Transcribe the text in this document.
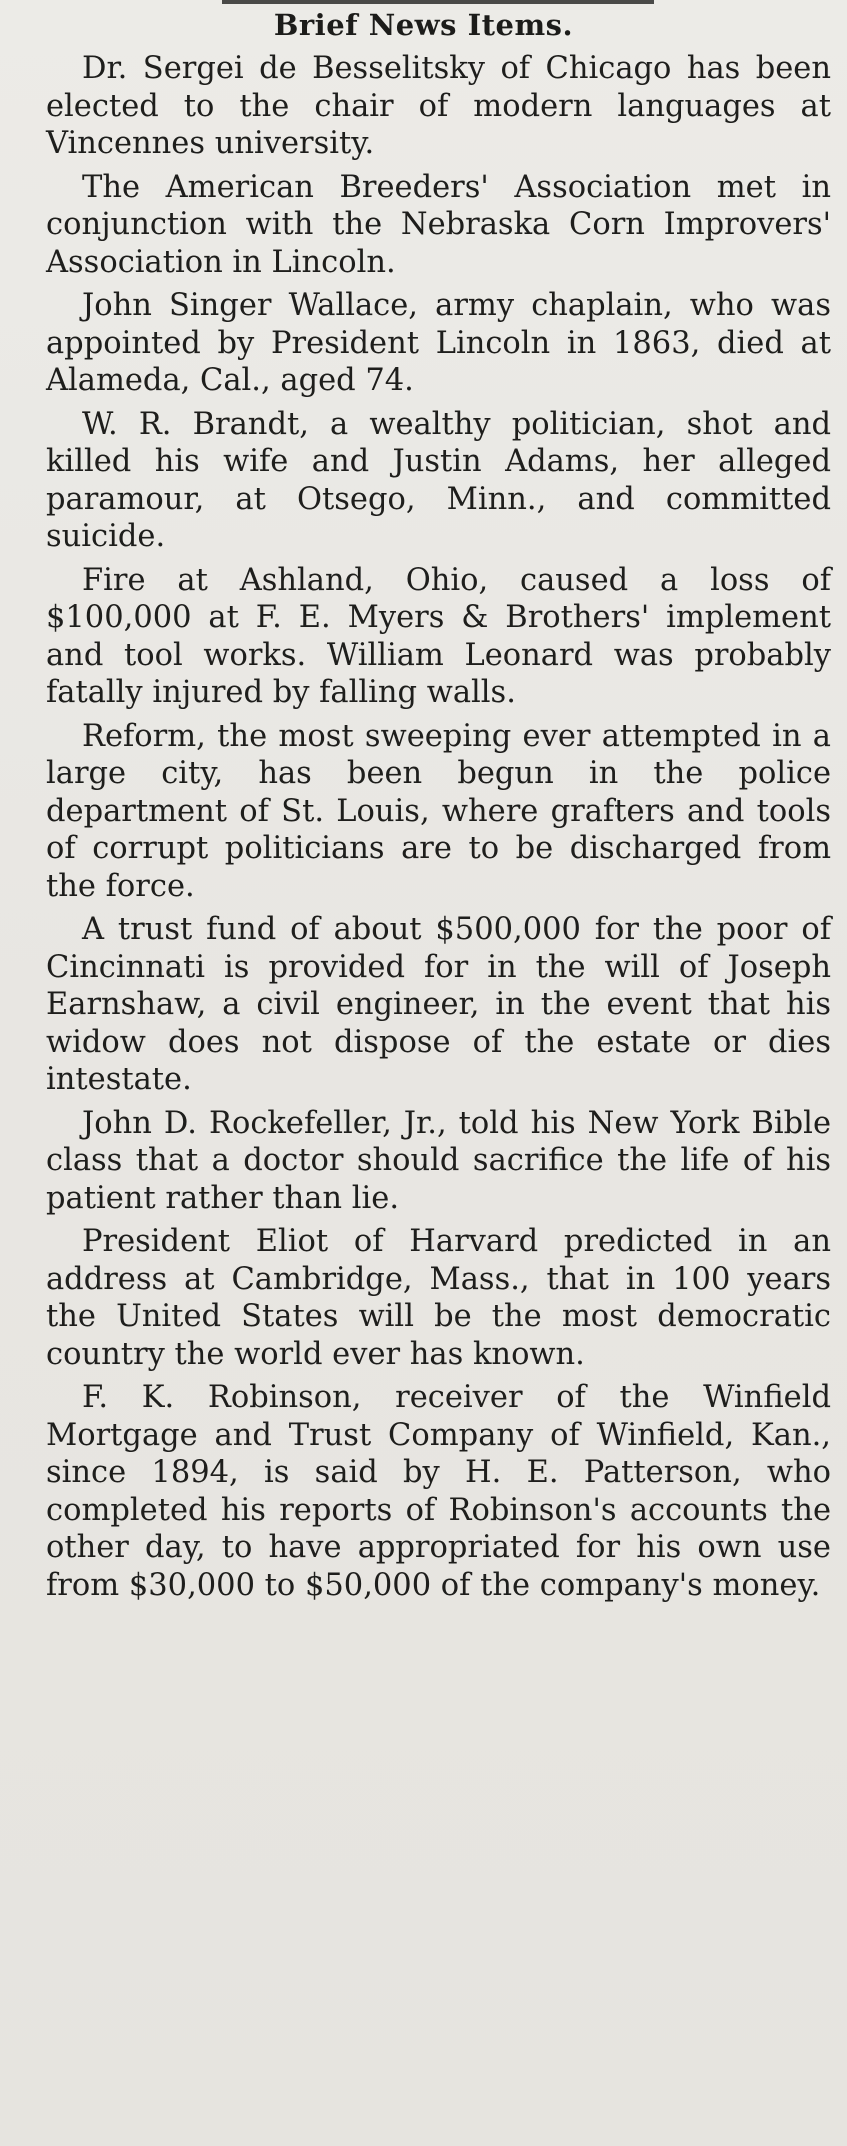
Brief News Items.

Dr. Sergei de Besselitsky of Chicago has been elected to the chair of modern languages at Vincennes university.

The American Breeders' Association met in conjunction with the Nebraska Corn Improvers' Association in Lincoln.

John Singer Wallace, army chaplain, who was appointed by President Lincoln in 1863, died at Alameda, Cal., aged 74.

W. R. Brandt, a wealthy politician, shot and killed his wife and Justin Adams, her alleged paramour, at Otsego, Minn., and committed suicide.

Fire at Ashland, Ohio, caused a loss of $100,000 at F. E. Myers & Brothers' implement and tool works. William Leonard was probably fatally injured by falling walls.

Reform, the most sweeping ever attempted in a large city, has been begun in the police department of St. Louis, where grafters and tools of corrupt politicians are to be discharged from the force.

A trust fund of about $500,000 for the poor of Cincinnati is provided for in the will of Joseph Earnshaw, a civil engineer, in the event that his widow does not dispose of the estate or dies intestate.

John D. Rockefeller, Jr., told his New York Bible class that a doctor should sacrifice the life of his patient rather than lie.

President Eliot of Harvard predicted in an address at Cambridge, Mass., that in 100 years the United States will be the most democratic country the world ever has known.

F. K. Robinson, receiver of the Winfield Mortgage and Trust Company of Winfield, Kan., since 1894, is said by H. E. Patterson, who completed his reports of Robinson's accounts the other day, to have appropriated for his own use from $30,000 to $50,000 of the company's money.
